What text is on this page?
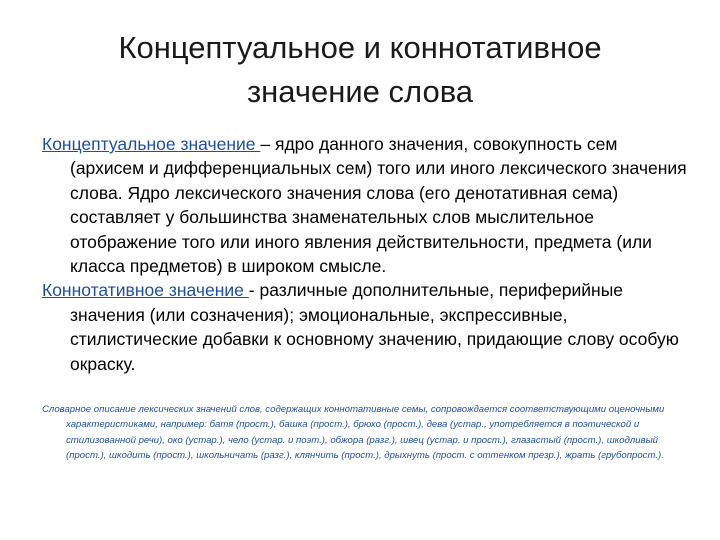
Концептуальное и коннотативное
значение слова

Концептуальное значение – ядро данного значения, совокупность сем (архисем и дифференциальных сем) того или иного лексического значения слова. Ядро лексического значения слова (его денотативная сема) составляет у большинства знаменательных слов мыслительное отображение того или иного явления действительности, предмета (или класса предметов) в широком смысле.

Коннотативное значение - различные дополнительные, периферийные значения (или созначения); эмоциональные, экспрессивные, стилистические добавки к основному значению, придающие слову особую окраску.

Словарное описание лексических значений слов, содержащих коннотативные семы, сопровождается соответствующими оценочными характеристиками, например: батя (прост.), башка (прост.), брюхо (прост.), дева (устар., употребляется в поэтической и стилизованной речи), око (устар.), чело (устар. и поэт.), обжора (разг.), швец (устар. и прост.), глазастый (прост.), шкодливый (прост.), шкодить (прост.), школьничать (разг.), клянчить (прост.), дрыхнуть (прост. с оттенком презр.), жрать (грубопрост.).
